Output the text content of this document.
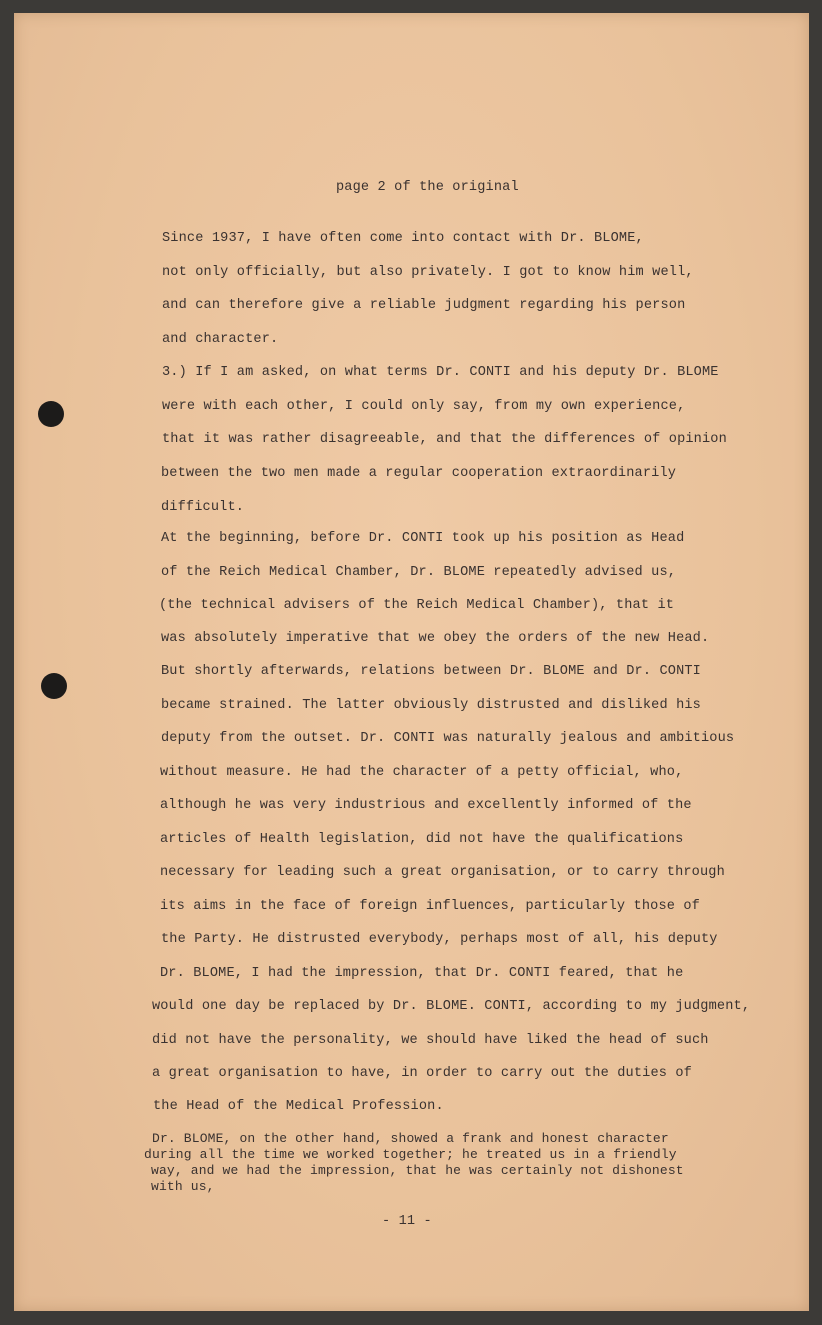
page 2 of the original
Since 1937, I have often come into contact with Dr. BLOME,
not only officially, but also privately. I got to know him well,
and can therefore give a reliable judgment regarding his person
and character.
3.) If I am asked, on what terms Dr. CONTI and his deputy Dr. BLOME
were with each other, I could only say, from my own experience,
that it was rather disagreeable, and that the differences of opinion
between the two men made a regular cooperation extraordinarily
difficult.
At the beginning, before Dr. CONTI took up his position as Head
of the Reich Medical Chamber, Dr. BLOME repeatedly advised us,
(the technical advisers of the Reich Medical Chamber), that it
was absolutely imperative that we obey the orders of the new Head.
But shortly afterwards, relations between Dr. BLOME and Dr. CONTI
became strained. The latter obviously distrusted and disliked his
deputy from the outset. Dr. CONTI was naturally jealous and ambitious
without measure. He had the character of a petty official, who,
although he was very industrious and excellently informed of the
articles of Health legislation, did not have the qualifications
necessary for leading such a great organisation, or to carry through
its aims in the face of foreign influences, particularly those of
the Party. He distrusted everybody, perhaps most of all, his deputy
Dr. BLOME, I had the impression, that Dr. CONTI feared, that he
would one day be replaced by Dr. BLOME. CONTI, according to my judgment,
did not have the personality, we should have liked the head of such
a great organisation to have, in order to carry out the duties of
the Head of the Medical Profession.
Dr. BLOME, on the other hand, showed a frank and honest character
during all the time we worked together; he treated us in a friendly
way, and we had the impression, that he was certainly not dishonest
with us,
- 11 -
